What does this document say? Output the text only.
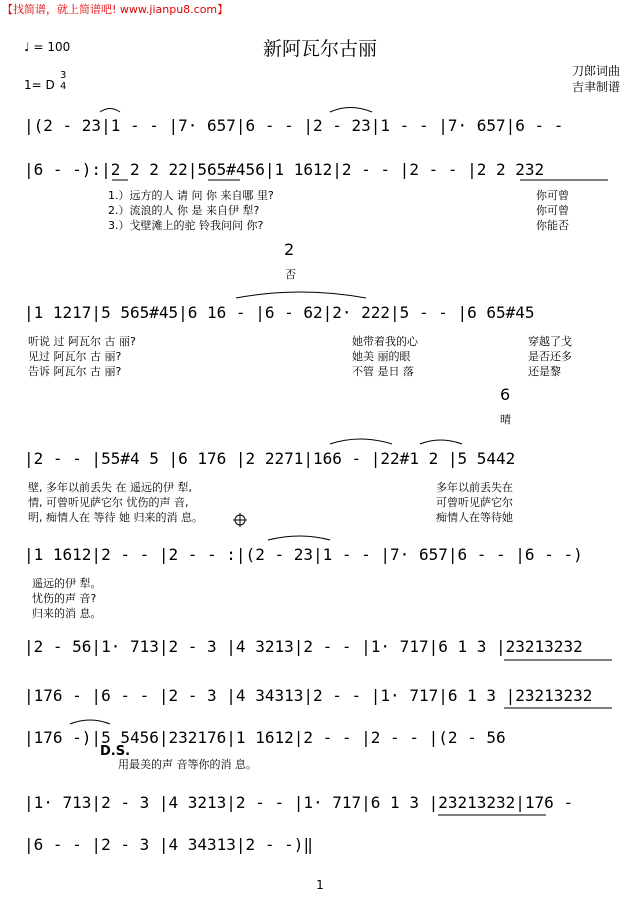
【找简谱，就上简谱吧! www.jianpu8.com】
♩ = 100	新阿瓦尔古丽
1= D
3
4
刀郎词曲
吉聿制谱
|(2 - 23|1 - - |7· 657|6 - - |2 - 23|1 - - |7· 657|6 - -
|6 - -):|2 2 2 22|565#456|1 1612|2 - - |2 - - |2 2 232
|1 1217|5 565#45|6 16 - |6 - 62|2· 222|5 - - |6 65#45
|2 - - |55#4 5 |6 176 |2 2271|166 - |22#1 2 |5 5442
|1 1612|2 - - |2 - - :|(2 - 23|1 - - |7· 657|6 - - |6 - -)
|2 - 56|1· 713|2 - 3 |4 3213|2 - - |1· 717|6 1 3 |23213232
|176 - |6 - - |2 - 3 |4 34313|2 - - |1· 717|6 1 3 |23213232
|176 -)|5 5456|232176|1 1612|2 - - |2 - - |(2 - 56
|1· 713|2 - 3 |4 3213|2 - - |1· 717|6 1 3 |23213232|176 -
|6 - - |2 - 3 |4 34313|2 - -)‖
1.）远方的人 请 问 你 来自哪 里?
2.）流浪的人 你 是 来自伊 犁?
3.）戈壁滩上的驼 铃我问问 你?
你可曾
你可曾
你能否
2
否
听说 过 阿瓦尔 古 丽?
见过 阿瓦尔 古 丽?
告诉 阿瓦尔 古 丽?
她带着我的心
她美 丽的眼
不管 是日 落
穿越了戈
是否还多
还是黎
6
晴
壁, 多年以前丢失 在 遥远的伊 犁,
情, 可曾听见萨它尔 忧伤的声 音,
明, 痴情人在 等待 她 归来的消 息。
多年以前丢失在
可曾听见萨它尔
痴情人在等待她
遥远的伊 犁。
忧伤的声 音?
归来的消 息。
D.S.
用最美的声 音等你的消 息。
1
